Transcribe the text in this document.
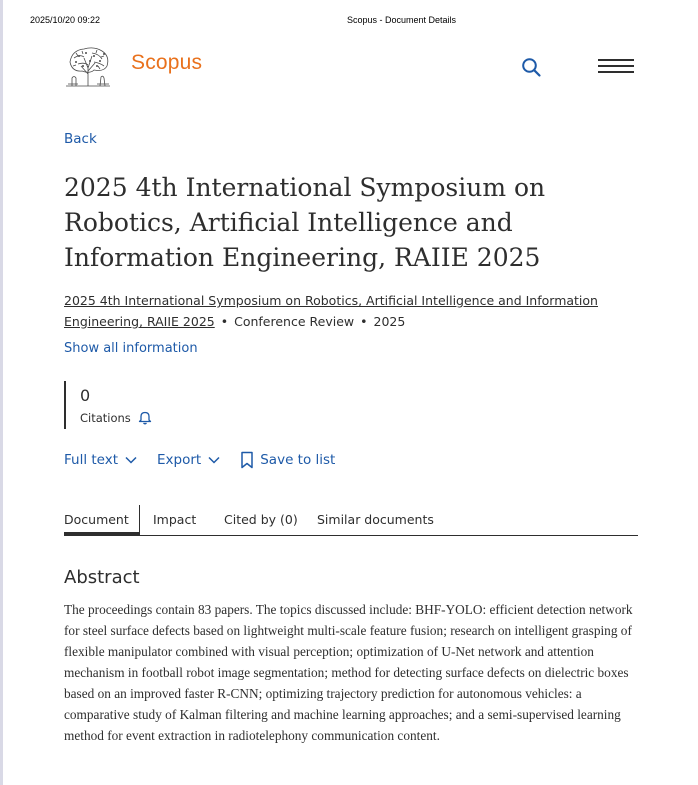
2025/10/20 09:22	Scopus - Document Details
Scopus
Back
2025 4th International Symposium on Robotics, Artificial Intelligence and Information Engineering, RAIIE 2025
2025 4th International Symposium on Robotics, Artificial Intelligence and Information Engineering, RAIIE 2025 • Conference Review • 2025
Show all information
0
Citations
Full text	Export	Save to list
Document	Impact Cited by (0) Similar documents
Abstract

The proceedings contain 83 papers. The topics discussed include: BHF-YOLO: efficient detection network for steel surface defects based on lightweight multi-scale feature fusion; research on intelligent grasping of flexible manipulator combined with visual perception; optimization of U-Net network and attention mechanism in football robot image segmentation; method for detecting surface defects on dielectric boxes based on an improved faster R-CNN; optimizing trajectory prediction for autonomous vehicles: a comparative study of Kalman filtering and machine learning approaches; and a semi-supervised learning method for event extraction in radiotelephony communication content.
